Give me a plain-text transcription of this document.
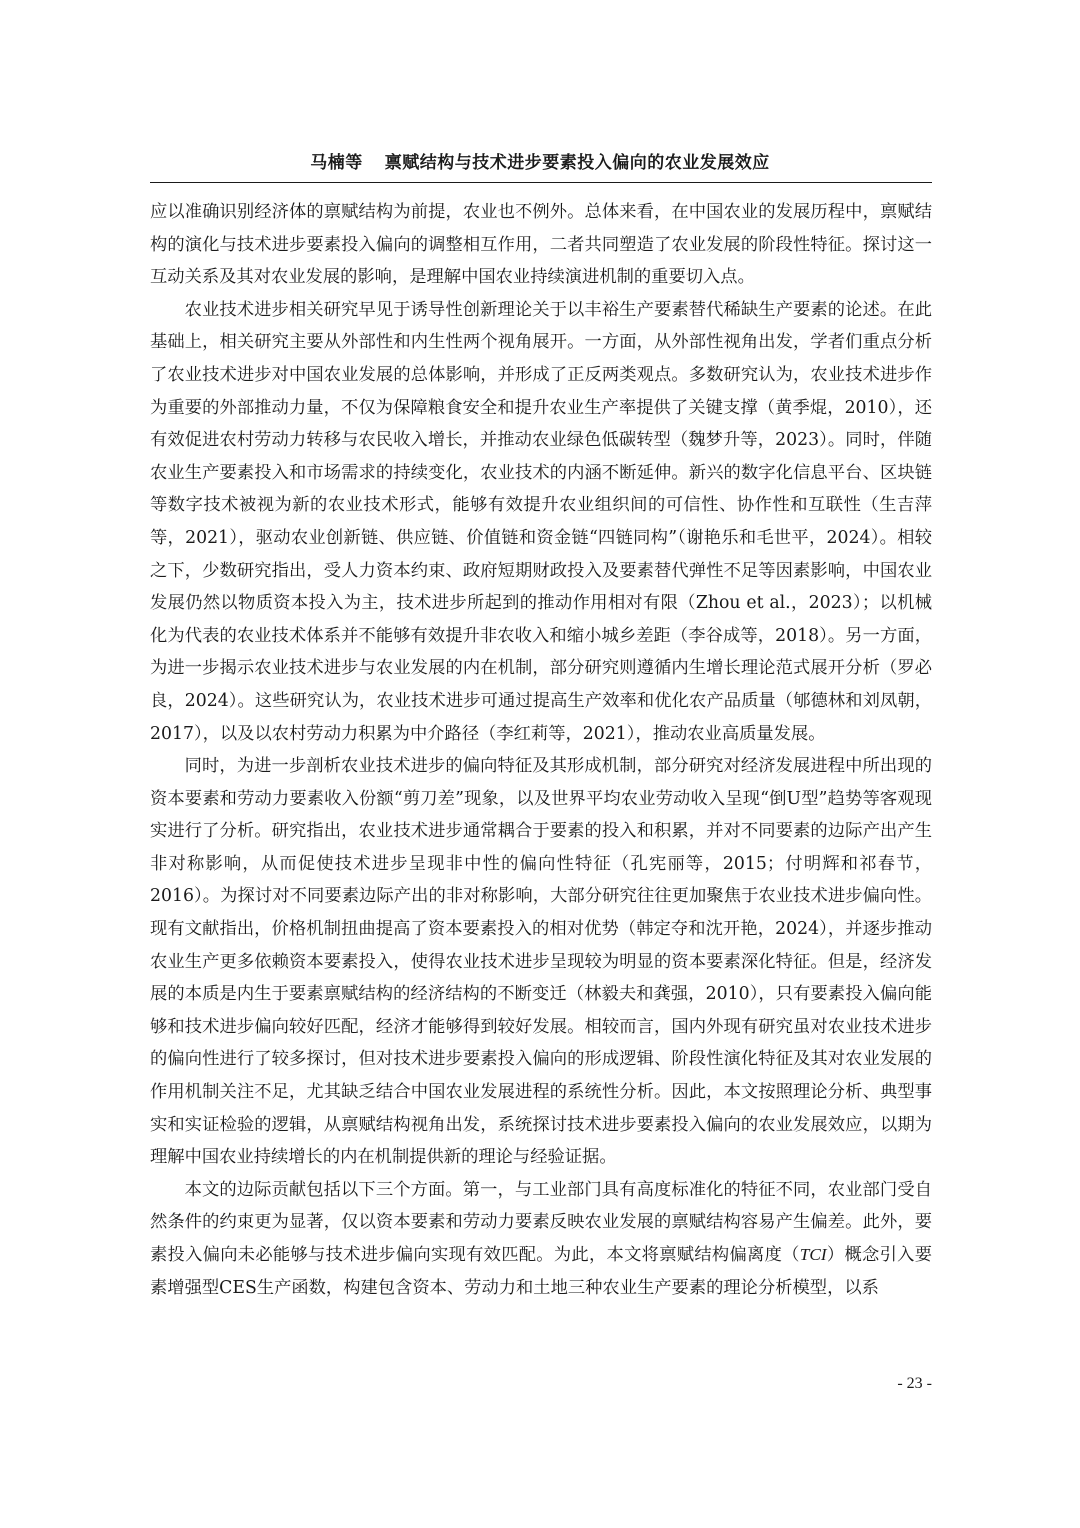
马楠等 禀赋结构与技术进步要素投入偏向的农业发展效应

应以准确识别经济体的禀赋结构为前提，农业也不例外。总体来看，在中国农业的发展历程中，禀赋结构的演化与技术进步要素投入偏向的调整相互作用，二者共同塑造了农业发展的阶段性特征。探讨这一互动关系及其对农业发展的影响，是理解中国农业持续演进机制的重要切入点。

农业技术进步相关研究早见于诱导性创新理论关于以丰裕生产要素替代稀缺生产要素的论述。在此基础上，相关研究主要从外部性和内生性两个视角展开。一方面，从外部性视角出发，学者们重点分析了农业技术进步对中国农业发展的总体影响，并形成了正反两类观点。多数研究认为，农业技术进步作为重要的外部推动力量，不仅为保障粮食安全和提升农业生产率提供了关键支撑（黄季焜，2010），还有效促进农村劳动力转移与农民收入增长，并推动农业绿色低碳转型（魏梦升等，2023）。同时，伴随农业生产要素投入和市场需求的持续变化，农业技术的内涵不断延伸。新兴的数字化信息平台、区块链等数字技术被视为新的农业技术形式，能够有效提升农业组织间的可信性、协作性和互联性（生吉萍等，2021），驱动农业创新链、供应链、价值链和资金链“四链同构”（谢艳乐和毛世平，2024）。相较之下，少数研究指出，受人力资本约束、政府短期财政投入及要素替代弹性不足等因素影响，中国农业发展仍然以物质资本投入为主，技术进步所起到的推动作用相对有限（Zhou et al.，2023）；以机械化为代表的农业技术体系并不能够有效提升非农收入和缩小城乡差距（李谷成等，2018）。另一方面，为进一步揭示农业技术进步与农业发展的内在机制，部分研究则遵循内生增长理论范式展开分析（罗必良，2024）。这些研究认为，农业技术进步可通过提高生产效率和优化农产品质量（郇德林和刘凤朝，2017），以及以农村劳动力积累为中介路径（李红莉等，2021），推动农业高质量发展。

同时，为进一步剖析农业技术进步的偏向特征及其形成机制，部分研究对经济发展进程中所出现的资本要素和劳动力要素收入份额“剪刀差”现象，以及世界平均农业劳动收入呈现“倒U型”趋势等客观现实进行了分析。研究指出，农业技术进步通常耦合于要素的投入和积累，并对不同要素的边际产出产生非对称影响，从而促使技术进步呈现非中性的偏向性特征（孔宪丽等，2015；付明辉和祁春节，2016）。为探讨对不同要素边际产出的非对称影响，大部分研究往往更加聚焦于农业技术进步偏向性。现有文献指出，价格机制扭曲提高了资本要素投入的相对优势（韩定夺和沈开艳，2024），并逐步推动农业生产更多依赖资本要素投入，使得农业技术进步呈现较为明显的资本要素深化特征。但是，经济发展的本质是内生于要素禀赋结构的经济结构的不断变迁（林毅夫和龚强，2010），只有要素投入偏向能够和技术进步偏向较好匹配，经济才能够得到较好发展。相较而言，国内外现有研究虽对农业技术进步的偏向性进行了较多探讨，但对技术进步要素投入偏向的形成逻辑、阶段性演化特征及其对农业发展的作用机制关注不足，尤其缺乏结合中国农业发展进程的系统性分析。因此，本文按照理论分析、典型事实和实证检验的逻辑，从禀赋结构视角出发，系统探讨技术进步要素投入偏向的农业发展效应，以期为理解中国农业持续增长的内在机制提供新的理论与经验证据。

本文的边际贡献包括以下三个方面。第一，与工业部门具有高度标准化的特征不同，农业部门受自然条件的约束更为显著，仅以资本要素和劳动力要素反映农业发展的禀赋结构容易产生偏差。此外，要素投入偏向未必能够与技术进步偏向实现有效匹配。为此，本文将禀赋结构偏离度（TCI）概念引入要素增强型CES生产函数，构建包含资本、劳动力和土地三种农业生产要素的理论分析模型，以系

- 23 -
